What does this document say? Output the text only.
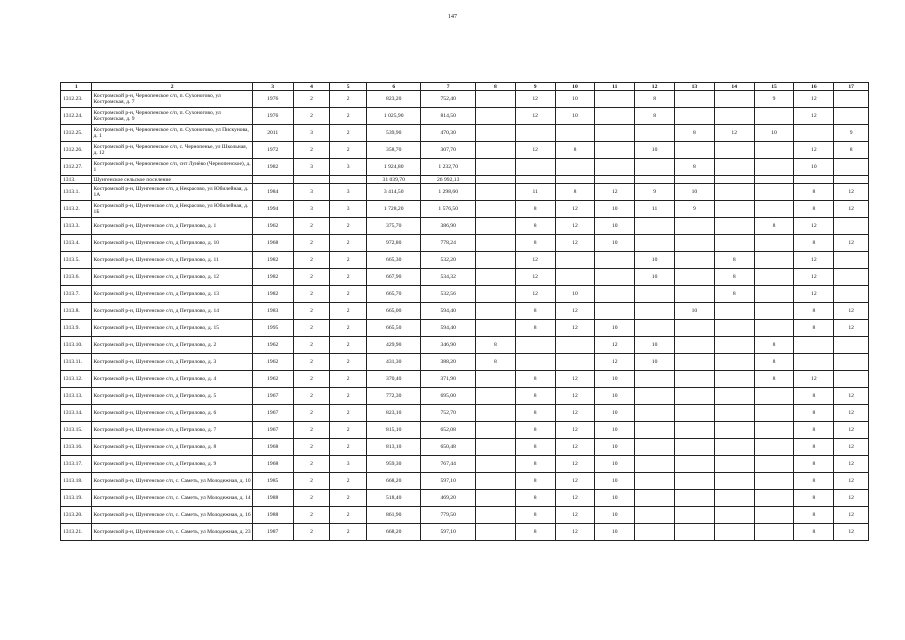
147
1	2	3	4	5	6	7	8	9	10	11	12	13	14	15	16	17
1312.23.	Костромской р-н, Чернопенское с/п, п. Сухоногово, ул Костромская, д. 7	1976	2	2	823,20	752,40		12	10		8			9	12	
1312.24.	Костромской р-н, Чернопенское с/п, п. Сухоногово, ул Костромская, д. 9	1976	2	2	1 025,90	814,50		12	10		8				12	
1312.25.	Костромской р-н, Чернопенское с/п, п. Сухоногово, ул Пискунова, д. 1	2011	3	2	539,90	470,30						8	12	10		9
1312.26.	Костромской р-н, Чернопенское с/п, с. Чернопенье, ул Школьная, д. 12	1972	2	2	358,70	307,70		12	8		10				12	8
1312.27.	Костромской р-н, Чернопенское с/п, снт Лунёво (Чернопенское), д. 1	1982	3	3	1 924,80	1 232,70						8			10	
1313.	Шунгенское сельское поселение				31 039,70	26 992,13										
1313.1.	Костромской р-н, Шунгенское с/п, д Некрасово, ул Юбилейная, д. 1А	1984	3	3	3 414,50	1 298,60		11	8	12	9	10			8	12
1313.2.	Костромской р-н, Шунгенское с/п, д Некрасово, ул Юбилейная, д. 1Б	1994	3	3	1 728,20	1 576,50		8	12	10	11	9			8	12
1313.3.	Костромской р-н, Шунгенское с/п, д Петрилово, д. 1	1962	2	2	375,70	386,90		8	12	10				8	12	
1313.4.	Костромской р-н, Шунгенское с/п, д Петрилово, д. 10	1968	2	2	972,80	778,24		8	12	10					8	12
1313.5.	Костромской р-н, Шунгенское с/п, д Петрилово, д. 11	1982	2	2	665,30	532,20		12			10		8		12	
1313.6.	Костромской р-н, Шунгенское с/п, д Петрилово, д. 12	1982	2	2	667,90	534,32		12			10		8		12	
1313.7.	Костромской р-н, Шунгенское с/п, д Петрилово, д. 13	1982	2	2	665,70	532,56		12	10				8		12	
1313.8.	Костромской р-н, Шунгенское с/п, д Петрилово, д. 14	1983	2	2	665,00	594,40		8	12			10			8	12
1313.9.	Костромской р-н, Шунгенское с/п, д Петрилово, д. 15	1995	2	2	665,50	594,40		8	12	10					8	12
1313.10.	Костромской р-н, Шунгенское с/п, д Петрилово, д. 2	1962	2	2	429,90	346,90	8			12	10			8		
1313.11.	Костромской р-н, Шунгенское с/п, д Петрилово, д. 3	1962	2	2	431,30	388,20	8			12	10			8		
1313.12.	Костромской р-н, Шунгенское с/п, д Петрилово, д. 4	1962	2	2	370,40	371,90		8	12	10				8	12	
1313.13.	Костромской р-н, Шунгенское с/п, д Петрилово, д. 5	1967	2	2	772,30	695,00		8	12	10					8	12
1313.14.	Костромской р-н, Шунгенское с/п, д Петрилово, д. 6	1967	2	2	823,10	752,70		8	12	10					8	12
1313.15.	Костромской р-н, Шунгенское с/п, д Петрилово, д. 7	1967	2	2	815,10	652,08		8	12	10					8	12
1313.16.	Костромской р-н, Шунгенское с/п, д Петрилово, д. 8	1968	2	2	813,10	650,48		8	12	10					8	12
1313.17.	Костромской р-н, Шунгенское с/п, д Петрилово, д. 9	1968	2	3	959,30	767,44		8	12	10					8	12
1313.18.	Костромской р-н, Шунгенское с/п, с. Саметь, ул Молодежная, д. 10	1985	2	2	668,20	597,10		8	12	10					8	12
1313.19.	Костромской р-н, Шунгенское с/п, с. Саметь, ул Молодежная, д. 14	1988	2	2	518,40	469,20		8	12	10					8	12
1313.20.	Костромской р-н, Шунгенское с/п, с. Саметь, ул Молодежная, д. 16	1988	2	2	861,90	779,50		8	12	10					8	12
1313.21.	Костромской р-н, Шунгенское с/п, с. Саметь, ул Молодежная, д. 23	1987	2	2	668,20	597,10		8	12	10					8	12
